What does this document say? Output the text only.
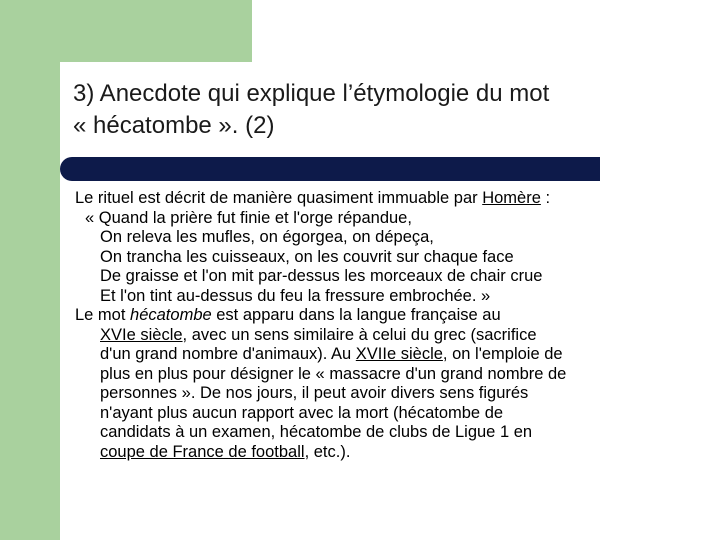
3) Anecdote qui explique l’étymologie du mot
« hécatombe ». (2)

Le rituel est décrit de manière quasiment immuable par Homère :

« Quand la prière fut finie et l'orge répandue,

On releva les mufles, on égorgea, on dépeça,

On trancha les cuisseaux, on les couvrit sur chaque face

De graisse et l'on mit par-dessus les morceaux de chair crue

Et l'on tint au-dessus du feu la fressure embrochée. »

Le mot hécatombe est apparu dans la langue française au

XVIe siècle, avec un sens similaire à celui du grec (sacrifice

d'un grand nombre d'animaux). Au XVIIe siècle, on l'emploie de

plus en plus pour désigner le « massacre d'un grand nombre de

personnes ». De nos jours, il peut avoir divers sens figurés

n'ayant plus aucun rapport avec la mort (hécatombe de

candidats à un examen, hécatombe de clubs de Ligue 1 en

coupe de France de football, etc.).
